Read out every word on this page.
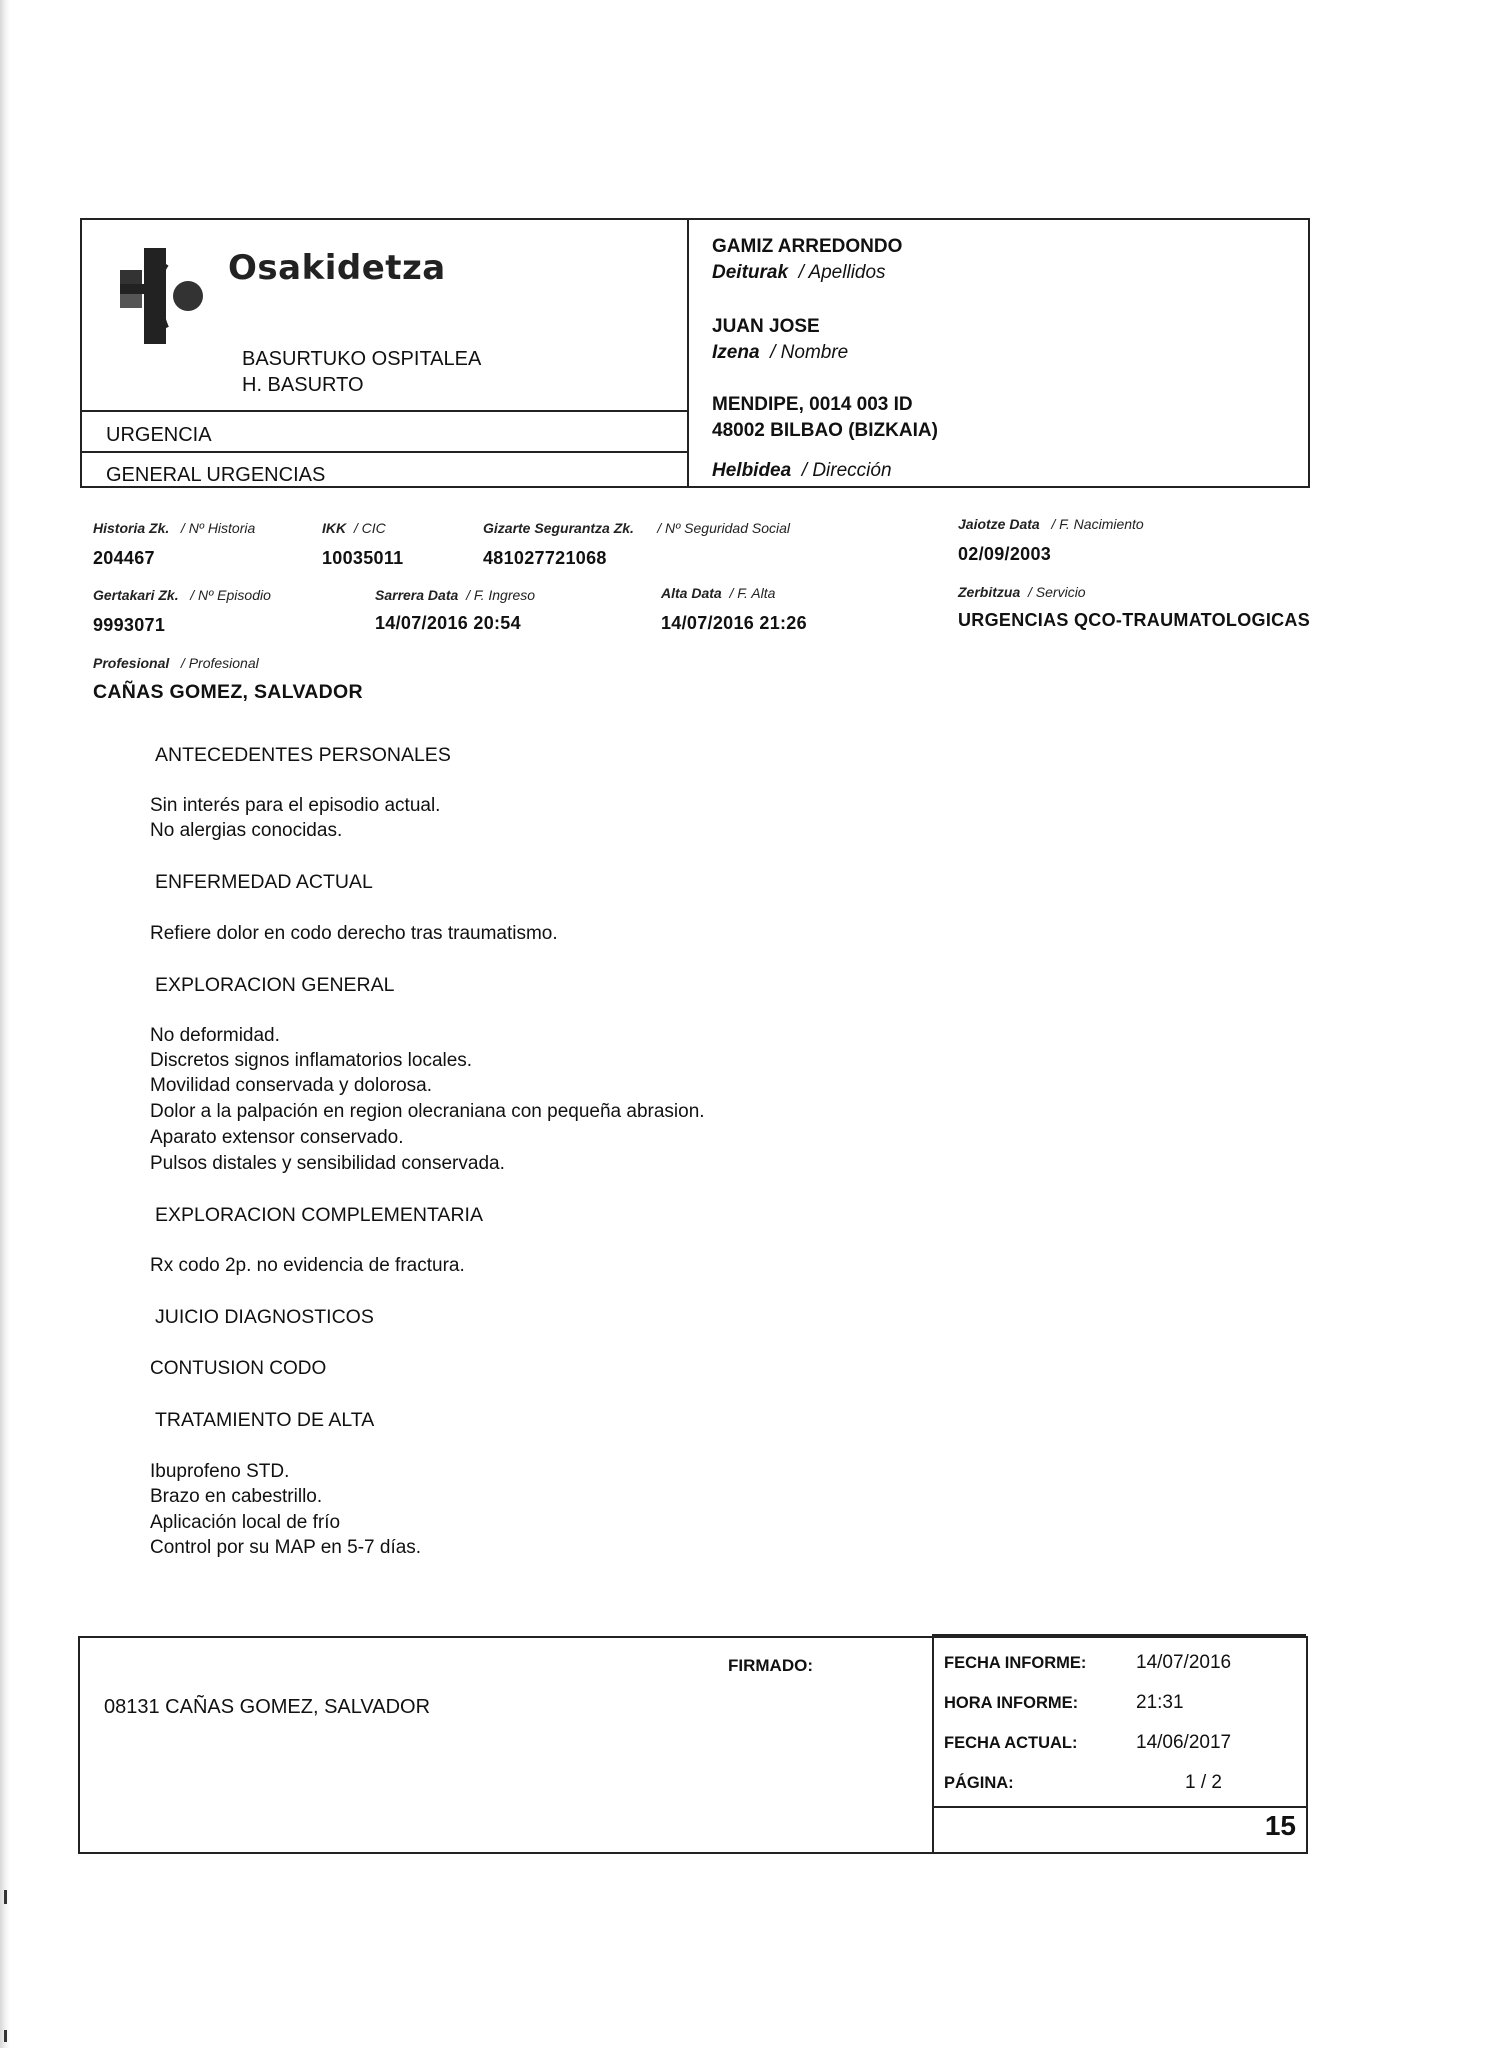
Osakidetza
BASURTUKO OSPITALEA
H. BASURTO
URGENCIA
GENERAL URGENCIAS
GAMIZ ARREDONDO
Deiturak / Apellidos
JUAN JOSE
Izena / Nombre
MENDIPE, 0014 003 ID
48002 BILBAO (BIZKAIA)
Helbidea / Dirección
Historia Zk. / Nº Historia
204467
IKK / CIC
10035011
Gizarte Segurantza Zk. / Nº Seguridad Social
481027721068
Jaiotze Data / F. Nacimiento
02/09/2003
Gertakari Zk. / Nº Episodio
9993071
Sarrera Data / F. Ingreso
14/07/2016 20:54
Alta Data / F. Alta
14/07/2016 21:26
Zerbitzua / Servicio
URGENCIAS QCO-TRAUMATOLOGICAS
Profesional / Profesional
CAÑAS GOMEZ, SALVADOR
ANTECEDENTES PERSONALES
Sin interés para el episodio actual.
No alergias conocidas.
ENFERMEDAD ACTUAL
Refiere dolor en codo derecho tras traumatismo.
EXPLORACION GENERAL
No deformidad.
Discretos signos inflamatorios locales.
Movilidad conservada y dolorosa.
Dolor a la palpación en region olecraniana con pequeña abrasion.
Aparato extensor conservado.
Pulsos distales y sensibilidad conservada.
EXPLORACION COMPLEMENTARIA
Rx codo 2p. no evidencia de fractura.
JUICIO DIAGNOSTICOS
CONTUSION CODO
TRATAMIENTO DE ALTA
Ibuprofeno STD.
Brazo en cabestrillo.
Aplicación local de frío
Control por su MAP en 5-7 días.
FIRMADO:
08131 CAÑAS GOMEZ, SALVADOR
FECHA INFORME:	14/07/2016
HORA INFORME:	21:31
FECHA ACTUAL:	14/06/2017
PÁGINA:	1 / 2
15
